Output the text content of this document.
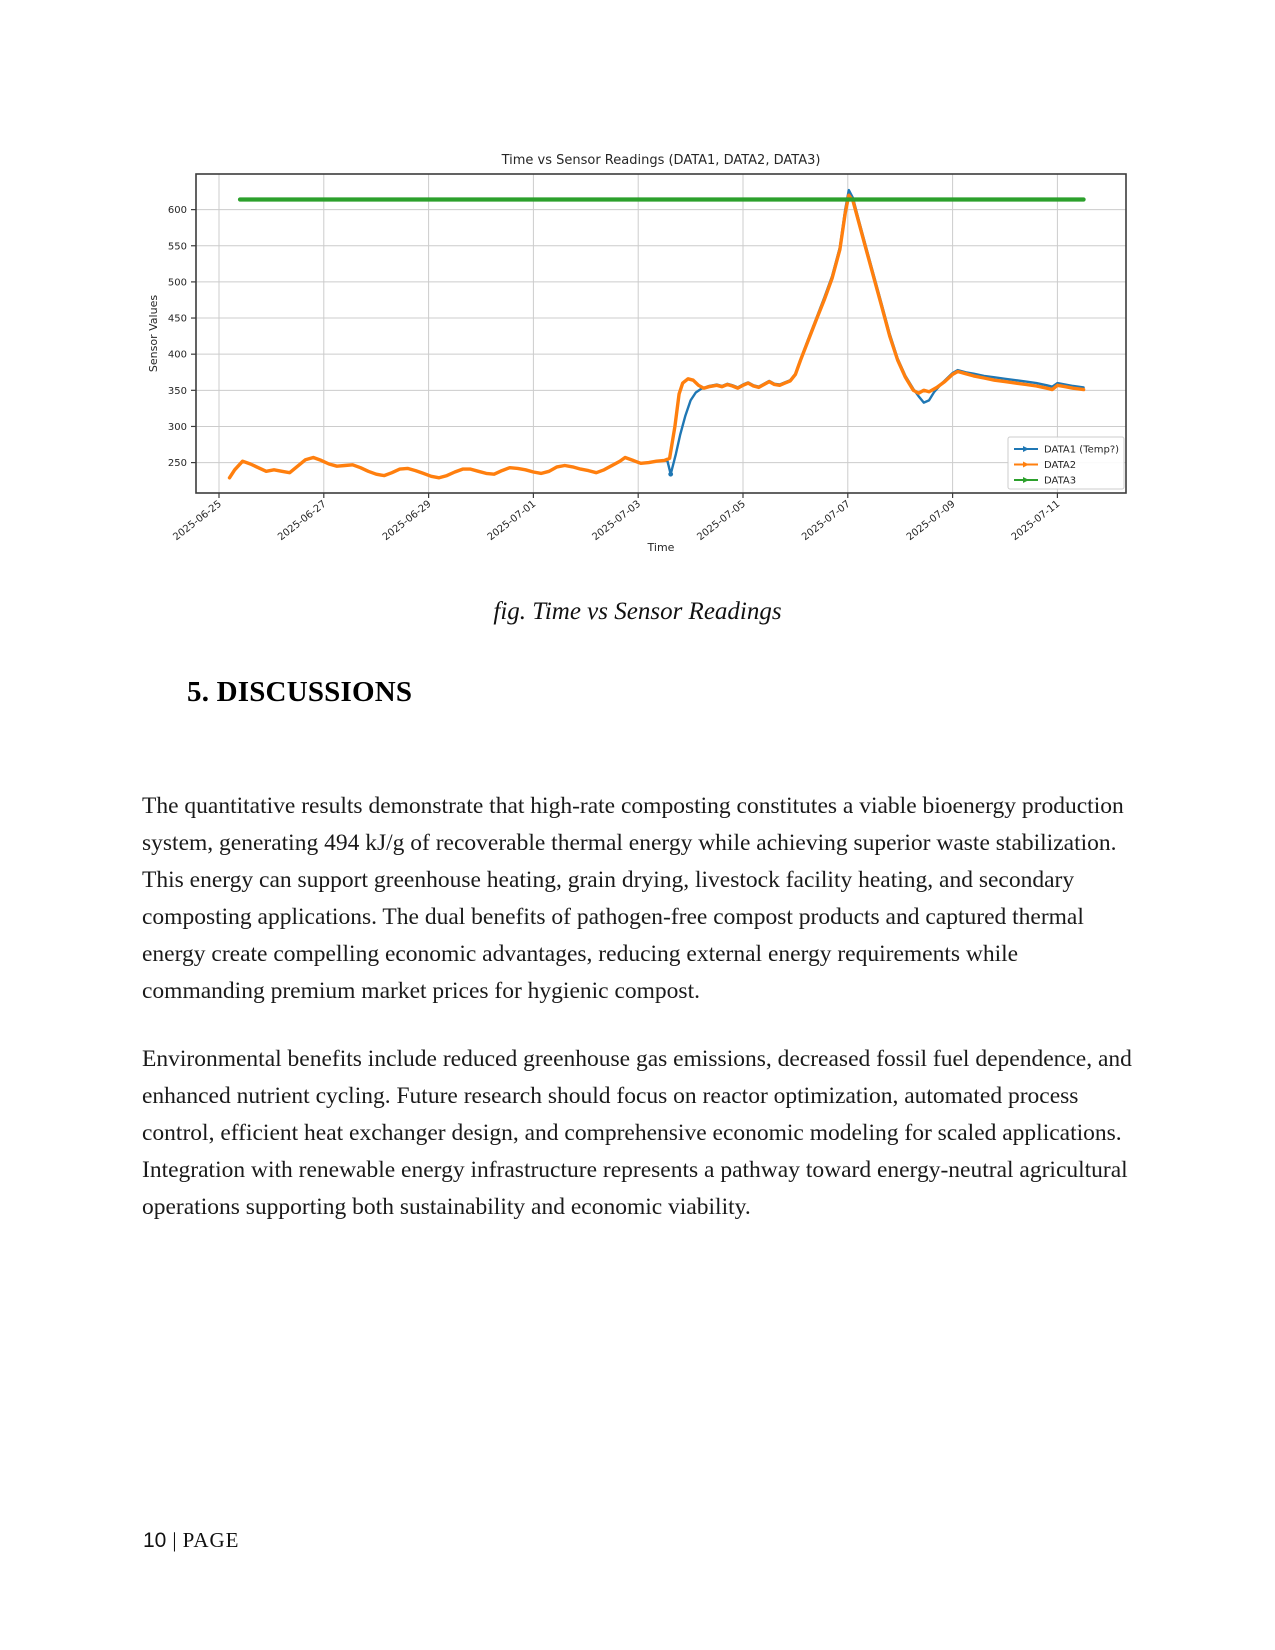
250
300
350
400
450
500
550
600
2025-06-25	2025-06-27	2025-06-29	2025-07-01	2025-07-03	2025-07-05	2025-07-07	2025-07-09	2025-07-11
Time vs Sensor Readings (DATA1, DATA2, DATA3)
Time
Sensor Values
DATA1 (Temp?)
DATA2
DATA3
fig. Time vs Sensor Readings
5. DISCUSSIONS

The quantitative results demonstrate that high-rate composting constitutes a viable bioenergy production system, generating 494 kJ/g of recoverable thermal energy while achieving superior waste stabilization. This energy can support greenhouse heating, grain drying, livestock facility heating, and secondary composting applications. The dual benefits of pathogen-free compost products and captured thermal energy create compelling economic advantages, reducing external energy requirements while commanding premium market prices for hygienic compost.

Environmental benefits include reduced greenhouse gas emissions, decreased fossil fuel dependence, and enhanced nutrient cycling. Future research should focus on reactor optimization, automated process control, efficient heat exchanger design, and comprehensive economic modeling for scaled applications. Integration with renewable energy infrastructure represents a pathway toward energy-neutral agricultural operations supporting both sustainability and economic viability.

10 | PAGE
